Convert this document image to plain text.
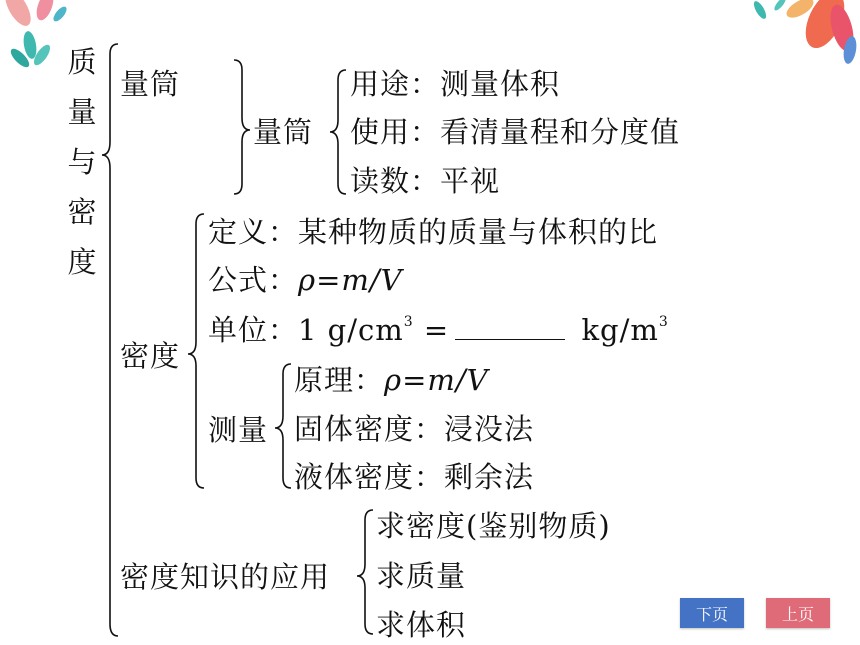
质
量
与
密
度
量筒
量筒
用途：测量体积
使用：看清量程和分度值
读数：平视
密度
定义：某种物质的质量与体积的比
公式：ρ=m/V
单位：1 $g/cm^3$ =	$kg/m^3$
测量
原理：ρ=m/V
固体密度：浸没法
液体密度：剩余法
密度知识的应用
求密度(鉴别物质)
求质量
求体积	下页	上页
